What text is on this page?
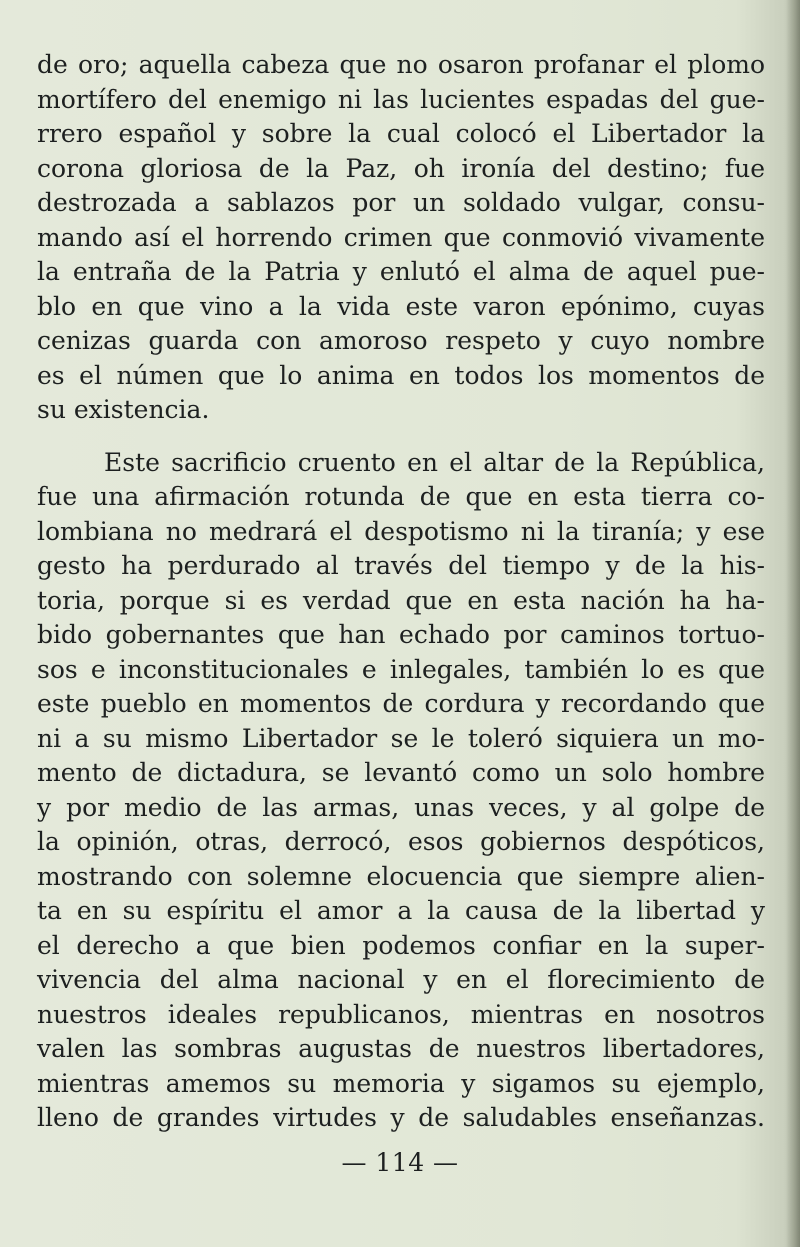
de oro; aquella cabeza que no osaron profanar el plomo
mortífero del enemigo ni las lucientes espadas del gue-
rrero español y sobre la cual colocó el Libertador la
corona gloriosa de la Paz, oh ironía del destino; fue
destrozada a sablazos por un soldado vulgar, consu-
mando así el horrendo crimen que conmovió vivamente
la entraña de la Patria y enlutó el alma de aquel pue-
blo en que vino a la vida este varon epónimo, cuyas
cenizas guarda con amoroso respeto y cuyo nombre
es el númen que lo anima en todos los momentos de
su existencia.
Este sacrificio cruento en el altar de la República,
fue una afirmación rotunda de que en esta tierra co-
lombiana no medrará el despotismo ni la tiranía; y ese
gesto ha perdurado al través del tiempo y de la his-
toria, porque si es verdad que en esta nación ha ha-
bido gobernantes que han echado por caminos tortuo-
sos e inconstitucionales e inlegales, también lo es que
este pueblo en momentos de cordura y recordando que
ni a su mismo Libertador se le toleró siquiera un mo-
mento de dictadura, se levantó como un solo hombre
y por medio de las armas, unas veces, y al golpe de
la opinión, otras, derrocó, esos gobiernos despóticos,
mostrando con solemne elocuencia que siempre alien-
ta en su espíritu el amor a la causa de la libertad y
el derecho a que bien podemos confiar en la super-
vivencia del alma nacional y en el florecimiento de
nuestros ideales republicanos, mientras en nosotros
valen las sombras augustas de nuestros libertadores,
mientras amemos su memoria y sigamos su ejemplo,
lleno de grandes virtudes y de saludables enseñanzas.
— 114 —
